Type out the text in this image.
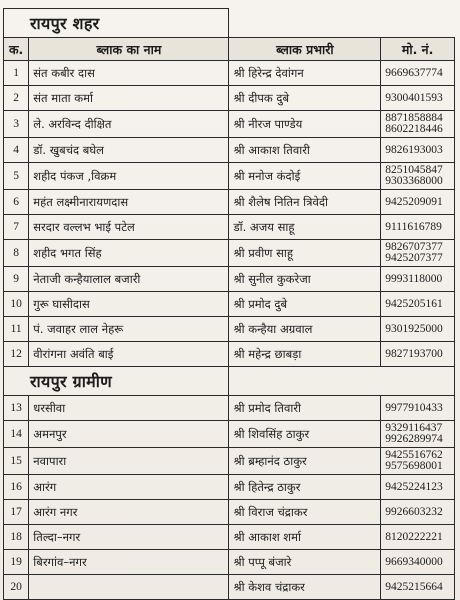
रायपुर शहर			
क.	ब्लाक का नाम	ब्लाक प्रभारी	मो. नं.
1	संत कबीर दास	श्री हिरेन्द्र देवांगन	9669637774

2	संत माता कर्मा	श्री दीपक दुबे	9300401593

3	ले. अरविन्द दीक्षित	श्री नीरज पाण्डेय	8871858884
8602218446

4	डॉ. खुबचंद बघेल	श्री आकाश तिवारी	9826193003

5	शहीद पंकज ,विक्रम	श्री मनोज कंदोई	8251045847
9303368000

6	महंत लक्ष्मीनारायणदास	श्री शैलेष नितिन त्रिवेदी	9425209091

7	सरदार वल्लभ भाई पटेल	डॉ. अजय साहू	9111616789

8	शहीद भगत सिंह	श्री प्रवीण साहू	9826707377
9425207377

9	नेताजी कन्हैयालाल बजारी	श्री सुनील कुकरेजा	9993118000

10	गुरू घासीदास	श्री प्रमोद दुबे	9425205161

11	पं. जवाहर लाल नेहरू	श्री कन्हैया अग्रवाल	9301925000

12	वीरांगना अवंति बाई	श्री महेन्द्र छाबड़ा	9827193700

रायपुर ग्रामीण			
13	धरसीवा	श्री प्रमोद तिवारी	9977910433

14	अमनपुर	श्री शिवसिंह ठाकुर	9329116437
9926289974

15	नवापारा	श्री ब्रम्हानंद ठाकुर	9425516762
9575698001

16	आरंग	श्री हितेन्द्र ठाकुर	9425224123

17	आरंग नगर	श्री विराज चंद्राकर	9926603232

18	तिल्दा–नगर	श्री आकाश शर्मा	8120222221

19	बिरगांव–नगर	श्री पप्पू बंजारे	9669340000

20		श्री केशव चंद्राकर	9425215664
